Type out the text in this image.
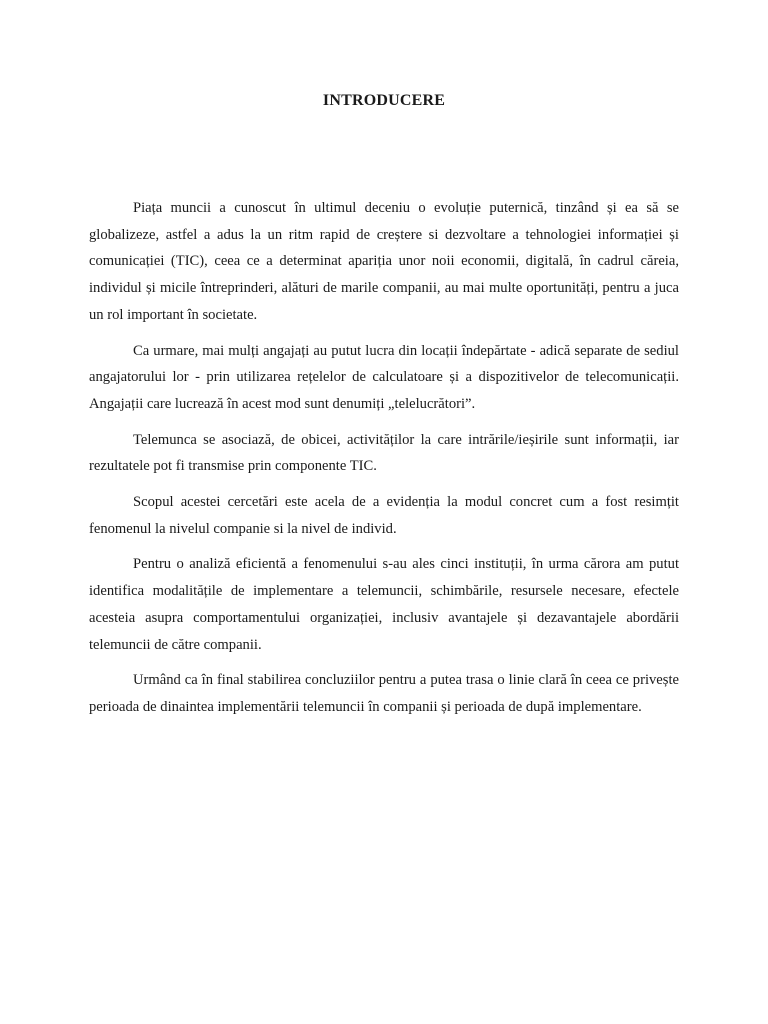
INTRODUCERE

Piața muncii a cunoscut în ultimul deceniu o evoluție puternică, tinzând și ea să se globalizeze, astfel a adus la un ritm rapid de creștere si dezvoltare a tehnologiei informației și comunicației (TIC), ceea ce a determinat apariția unor noii economii, digitală, în cadrul căreia, individul și micile întreprinderi, alături de marile companii, au mai multe oportunități, pentru a juca un rol important în societate.

Ca urmare, mai mulți angajați au putut lucra din locații îndepărtate - adică separate de sediul angajatorului lor - prin utilizarea rețelelor de calculatoare și a dispozitivelor de telecomunicații. Angajații care lucrează în acest mod sunt denumiți „telelucrători”.

Telemunca se asociază, de obicei, activităților la care intrările/ieșirile sunt informații, iar rezultatele pot fi transmise prin componente TIC.

Scopul acestei cercetări este acela de a evidenția la modul concret cum a fost resimțit fenomenul la nivelul companie si la nivel de individ.

Pentru o analiză eficientă a fenomenului s-au ales cinci instituții, în urma cărora am putut identifica modalitățile de implementare a telemuncii, schimbările, resursele necesare, efectele acesteia asupra comportamentului organizației, inclusiv avantajele și dezavantajele abordării telemuncii de către companii.

Urmând ca în final stabilirea concluziilor pentru a putea trasa o linie clară în ceea ce privește perioada de dinaintea implementării telemuncii în companii și perioada de după implementare.
